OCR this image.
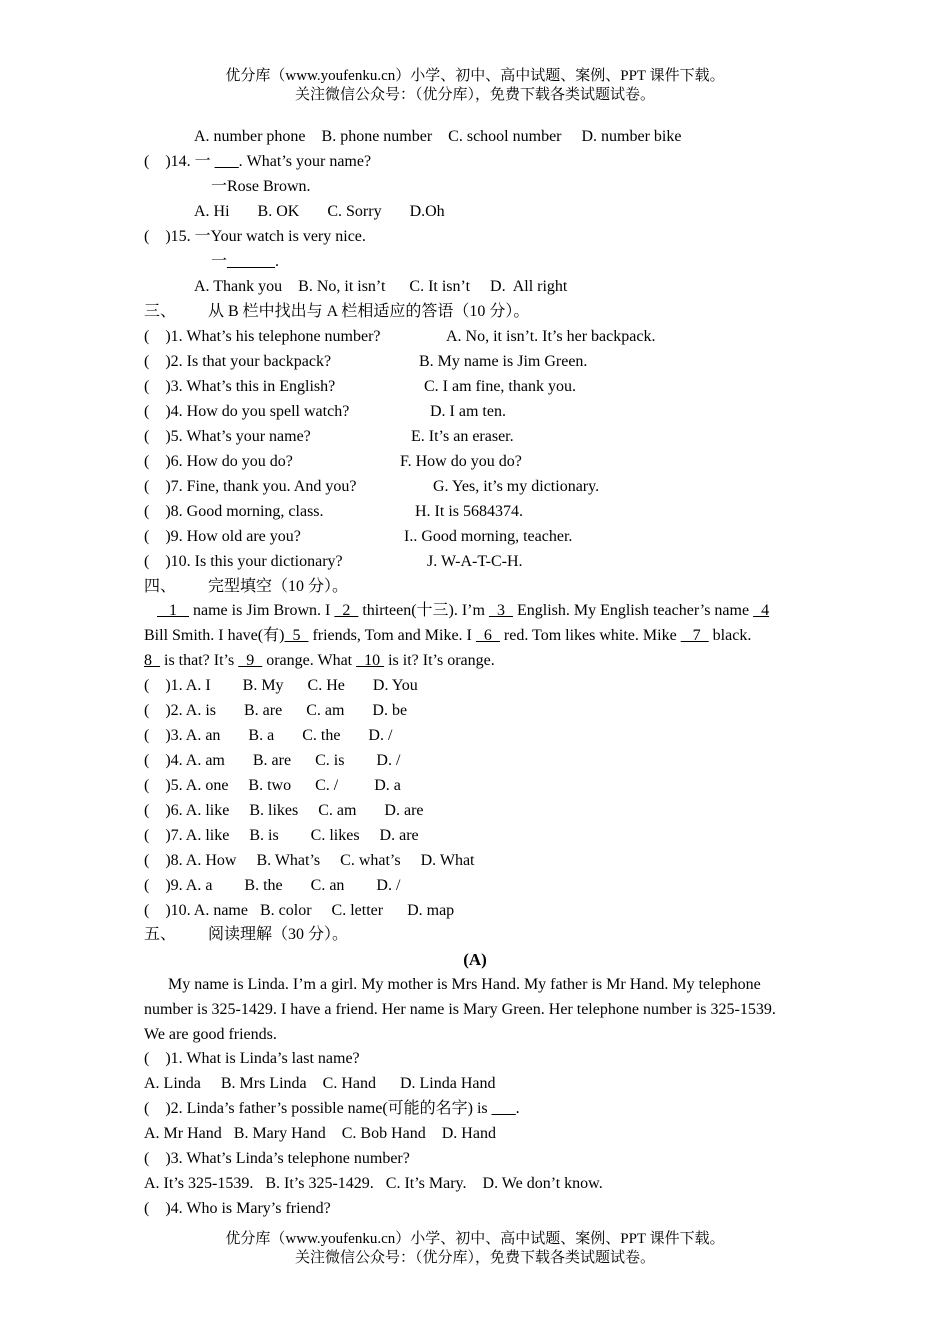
优分库（www.youfenku.cn）小学、初中、高中试题、案例、PPT 课件下载。
关注微信公众号：（优分库），免费下载各类试题试卷。
A. number phone    B. phone number    C. school number     D. number bike
(    )14. 一 ___. What’s your name?
一Rose Brown.
A. Hi       B. OK       C. Sorry       D.Oh
(    )15. 一Your watch is very nice.
一______.
A. Thank you    B. No, it isn’t      C. It isn’t     D.  All right
三、        从 B 栏中找出与 A 栏相适应的答语（10 分）。
(    )1. What’s his telephone number?	A. No, it isn’t. It’s her backpack.
(    )2. Is that your backpack?	B. My name is Jim Green.
(    )3. What’s this in English?	C. I am fine, thank you.
(    )4. How do you spell watch?	D. I am ten.
(    )5. What’s your name?	E. It’s an eraser.
(    )6. How do you do?	F. How do you do?
(    )7. Fine, thank you. And you?	G. Yes, it’s my dictionary.
(    )8. Good morning, class.	H. It is 5684374.
(    )9. How old are you?	I.. Good morning, teacher.
(    )10. Is this your dictionary?	J. W-A-T-C-H.
四、        完型填空（10 分）。
1    name is Jim Brown. I   2   thirteen(十三). I’m   3   English. My English teacher’s name   4
Bill Smith. I have(有)  5   friends, Tom and Mike. I   6   red. Tom likes white. Mike    7   black.
8   is that? It’s   9   orange. What   10  is it? It’s orange.
(    )1. A. I        B. My      C. He       D. You
(    )2. A. is       B. are      C. am       D. be
(    )3. A. an       B. a       C. the       D. /
(    )4. A. am       B. are      C. is        D. /
(    )5. A. one     B. two      C. /         D. a
(    )6. A. like     B. likes     C. am       D. are
(    )7. A. like     B. is        C. likes     D. are
(    )8. A. How     B. What’s     C. what’s     D. What
(    )9. A. a        B. the       C. an        D. /
(    )10. A. name   B. color     C. letter      D. map
五、        阅读理解（30 分）。
(A)
My name is Linda. I’m a girl. My mother is Mrs Hand. My father is Mr Hand. My telephone
number is 325-1429. I have a friend. Her name is Mary Green. Her telephone number is 325-1539.
We are good friends.
(    )1. What is Linda’s last name?
A. Linda     B. Mrs Linda    C. Hand      D. Linda Hand
(    )2. Linda’s father’s possible name(可能的名字) is ___.
A. Mr Hand   B. Mary Hand    C. Bob Hand    D. Hand
(    )3. What’s Linda’s telephone number?
A. It’s 325-1539.   B. It’s 325-1429.   C. It’s Mary.    D. We don’t know.
(    )4. Who is Mary’s friend?
优分库（www.youfenku.cn）小学、初中、高中试题、案例、PPT 课件下载。
关注微信公众号：（优分库），免费下载各类试题试卷。
